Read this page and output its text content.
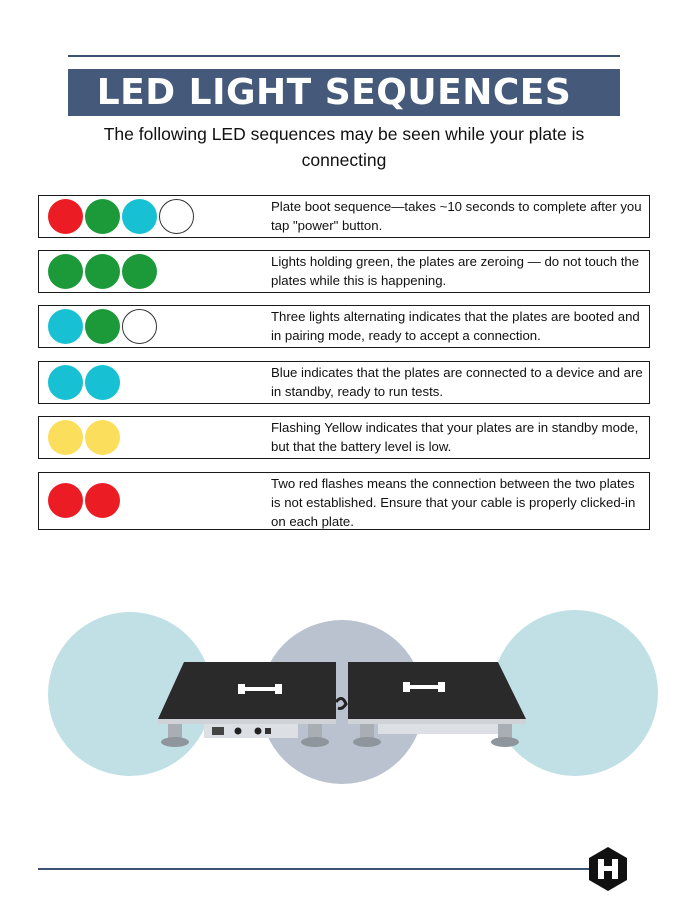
LED LIGHT SEQUENCES

The following LED sequences may be seen while your plate is connecting

Plate boot sequence—takes ~10 seconds to complete after you tap "power" button.

Lights holding green, the plates are zeroing — do not touch the plates while this is happening.

Three lights alternating indicates that the plates are booted and in pairing mode, ready to accept a connection.

Blue indicates that the plates are connected to a device and are in standby, ready to run tests.

Flashing Yellow indicates that your plates are in standby mode, but that the battery level is low.

Two red flashes means the connection between the two plates is not established. Ensure that your cable is properly clicked-in on each plate.
